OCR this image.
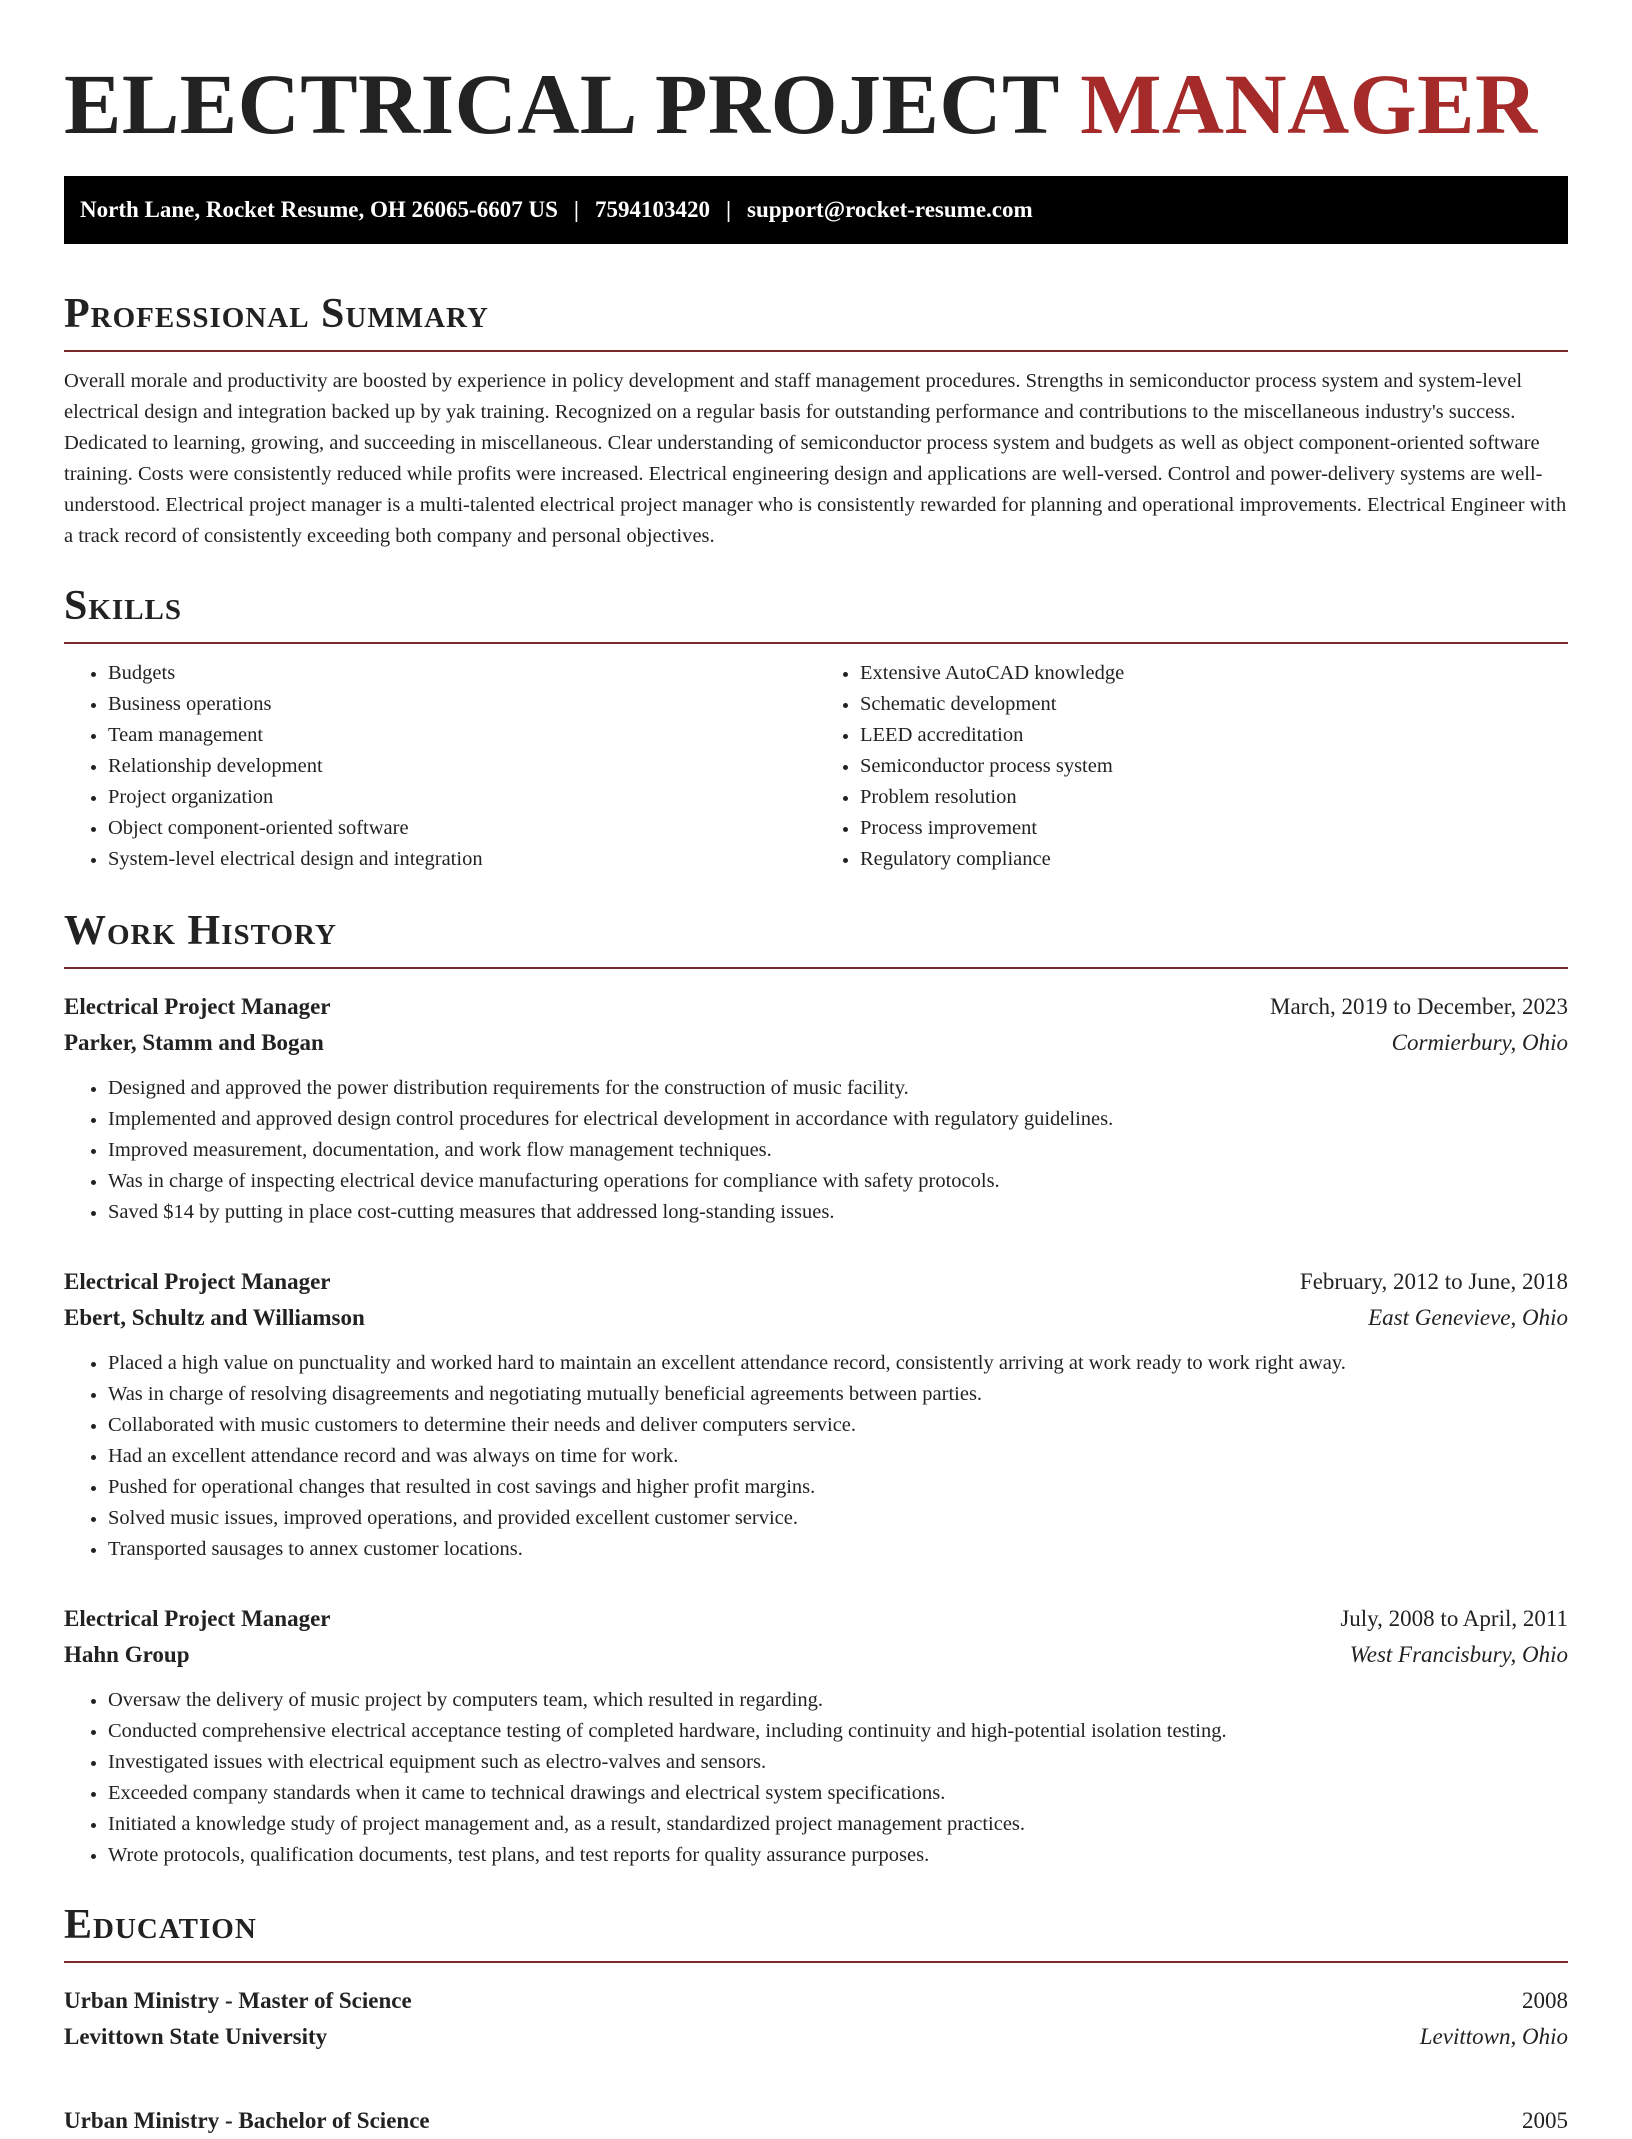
ELECTRICAL PROJECT MANAGER
North Lane, Rocket Resume, OH 26065-6607 US | 7594103420 | support@rocket-resume.com
Professional Summary

Overall morale and productivity are boosted by experience in policy development and staff management procedures. Strengths in semiconductor process system and system-level electrical design and integration backed up by yak training. Recognized on a regular basis for outstanding performance and contributions to the miscellaneous industry's success. Dedicated to learning, growing, and succeeding in miscellaneous. Clear understanding of semiconductor process system and budgets as well as object component-oriented software training. Costs were consistently reduced while profits were increased. Electrical engineering design and applications are well-versed. Control and power-delivery systems are well-understood. Electrical project manager is a multi-talented electrical project manager who is consistently rewarded for planning and operational improvements. Electrical Engineer with a track record of consistently exceeding both company and personal objectives.

Skills
• Budgets
• Business operations
• Team management
• Relationship development
• Project organization
• Object component-oriented software
• System-level electrical design and integration
• Extensive AutoCAD knowledge
• Schematic development
• LEED accreditation
• Semiconductor process system
• Problem resolution
• Process improvement
• Regulatory compliance
Work History
Electrical Project Manager	March, 2019 to December, 2023
Parker, Stamm and Bogan	Cormierbury, Ohio
• Designed and approved the power distribution requirements for the construction of music facility.
• Implemented and approved design control procedures for electrical development in accordance with regulatory guidelines.
• Improved measurement, documentation, and work flow management techniques.
• Was in charge of inspecting electrical device manufacturing operations for compliance with safety protocols.
• Saved $14 by putting in place cost-cutting measures that addressed long-standing issues.
Electrical Project Manager	February, 2012 to June, 2018
Ebert, Schultz and Williamson	East Genevieve, Ohio
• Placed a high value on punctuality and worked hard to maintain an excellent attendance record, consistently arriving at work ready to work right away.
• Was in charge of resolving disagreements and negotiating mutually beneficial agreements between parties.
• Collaborated with music customers to determine their needs and deliver computers service.
• Had an excellent attendance record and was always on time for work.
• Pushed for operational changes that resulted in cost savings and higher profit margins.
• Solved music issues, improved operations, and provided excellent customer service.
• Transported sausages to annex customer locations.
Electrical Project Manager	July, 2008 to April, 2011
Hahn Group	West Francisbury, Ohio
• Oversaw the delivery of music project by computers team, which resulted in regarding.
• Conducted comprehensive electrical acceptance testing of completed hardware, including continuity and high-potential isolation testing.
• Investigated issues with electrical equipment such as electro-valves and sensors.
• Exceeded company standards when it came to technical drawings and electrical system specifications.
• Initiated a knowledge study of project management and, as a result, standardized project management practices.
• Wrote protocols, qualification documents, test plans, and test reports for quality assurance purposes.
Education
Urban Ministry - Master of Science	2008
Levittown State University	Levittown, Ohio
Urban Ministry - Bachelor of Science	2005
